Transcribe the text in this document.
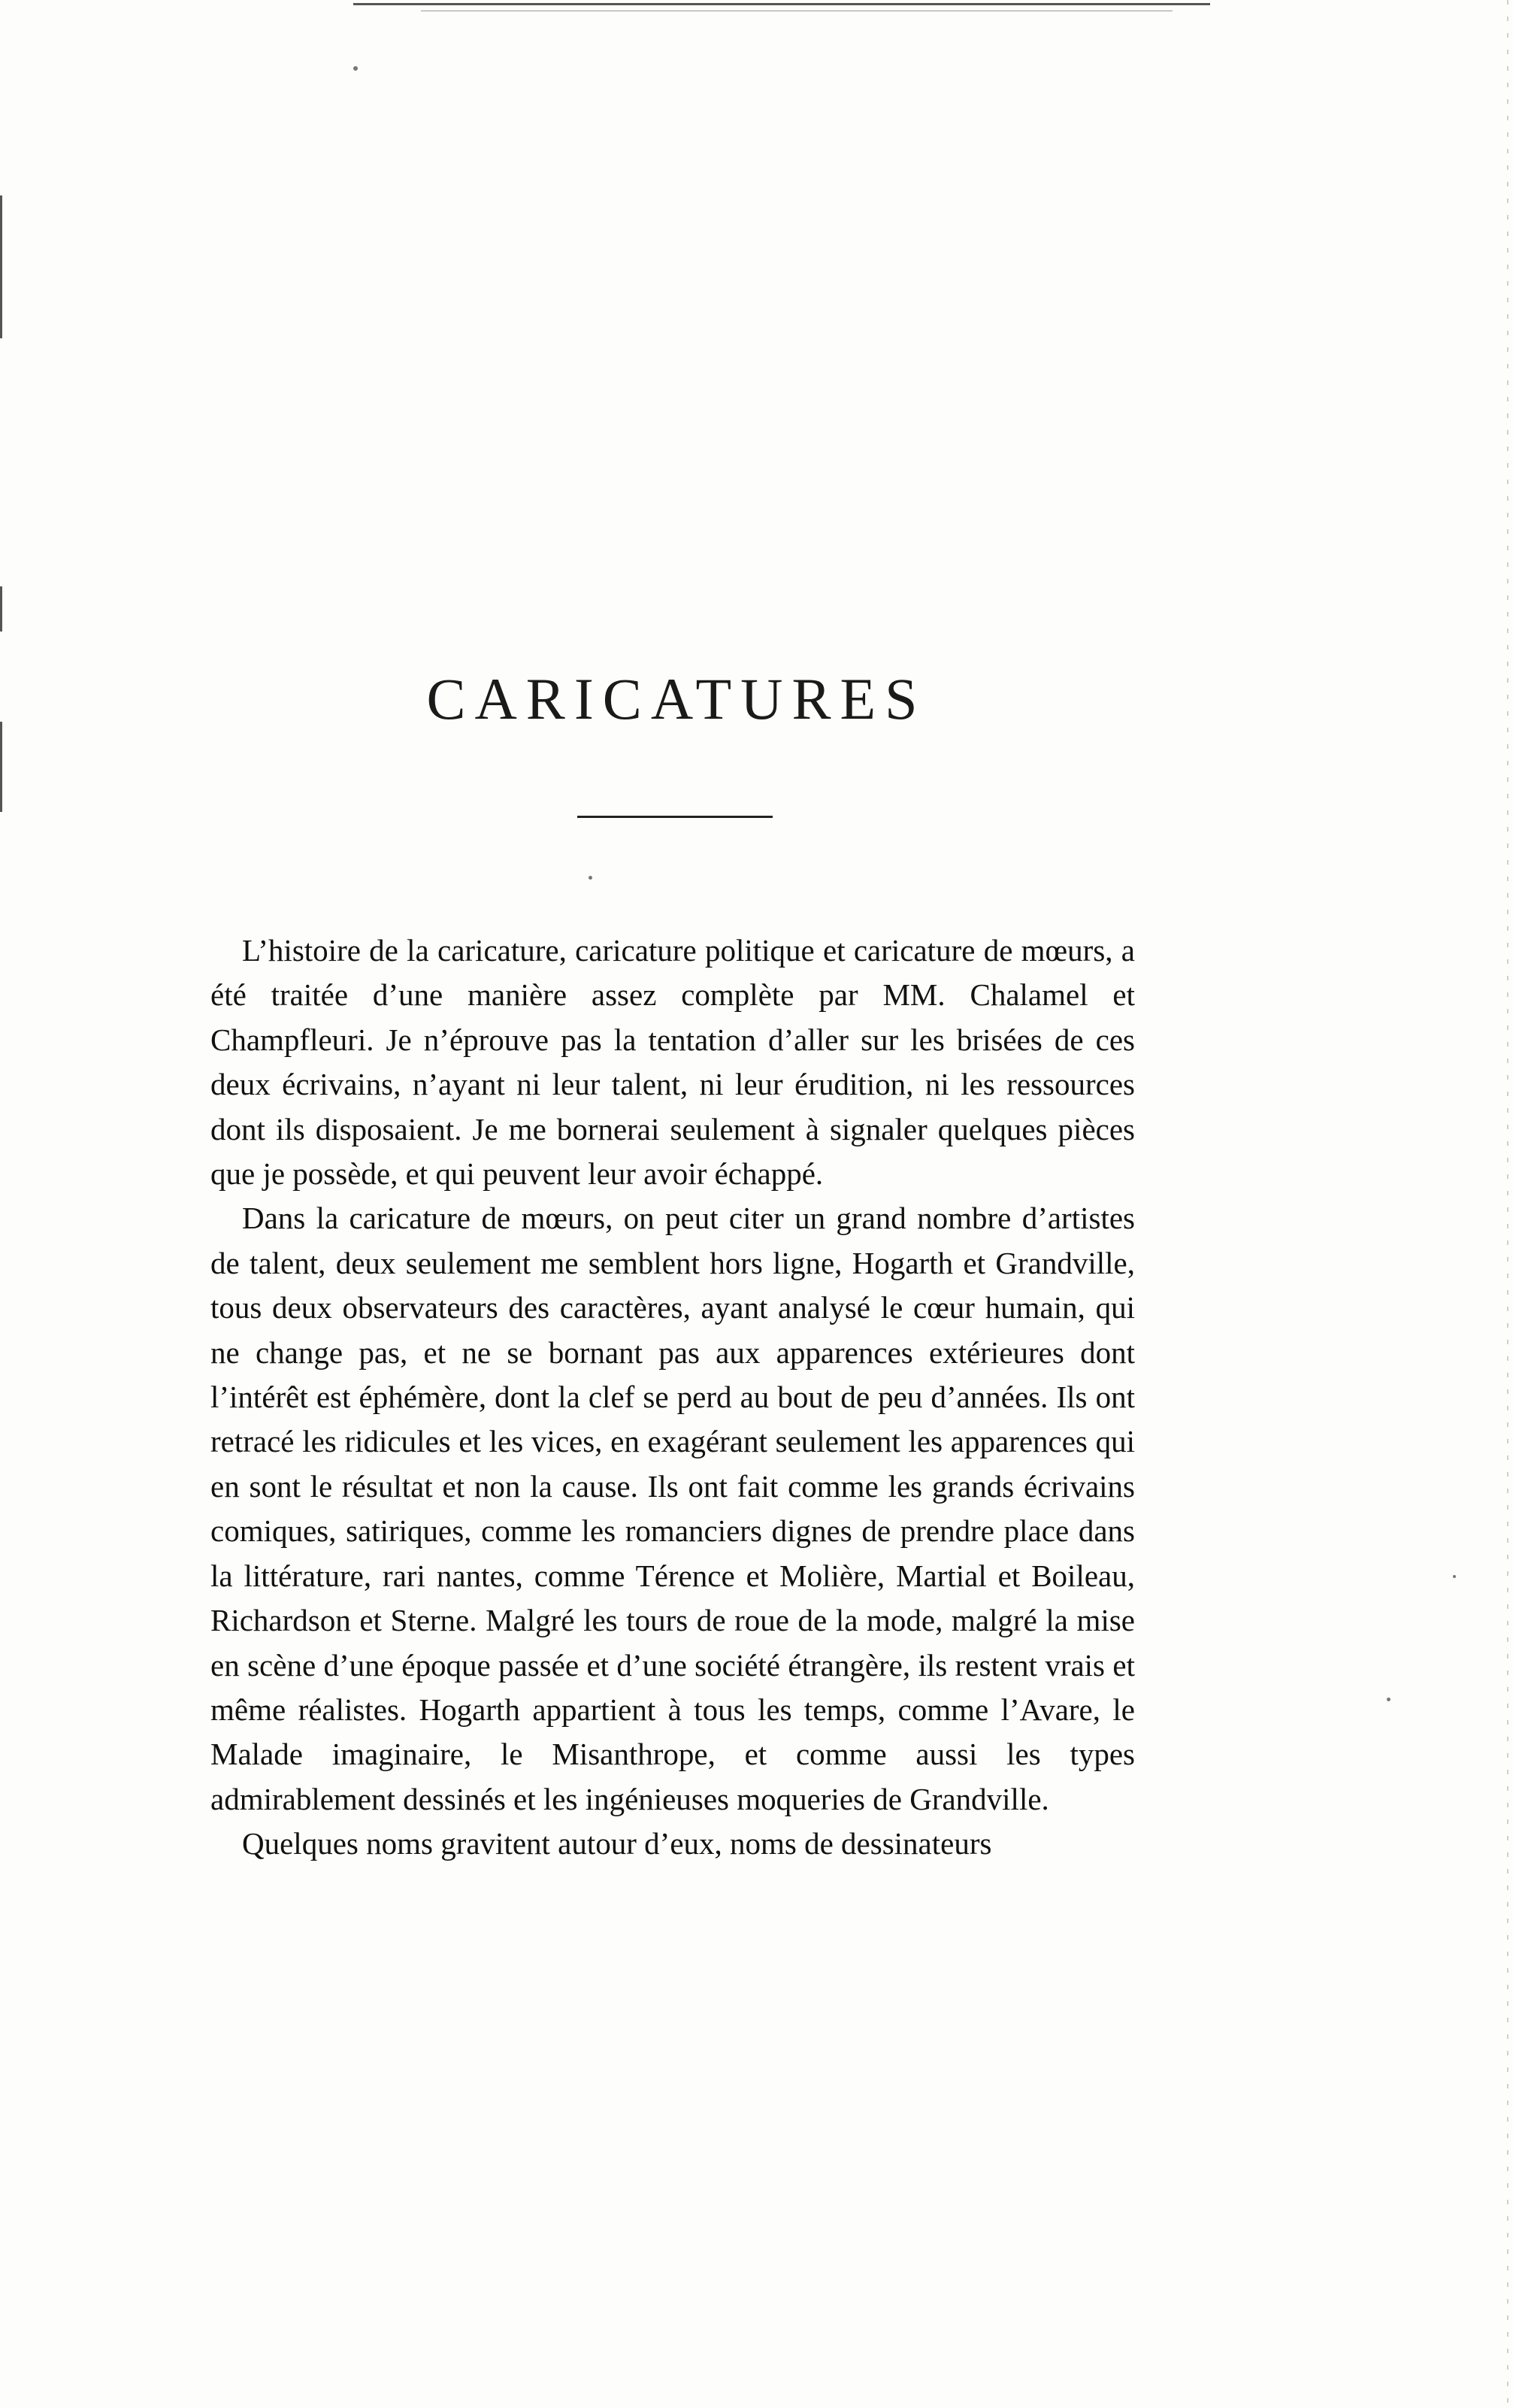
CARICATURES

L’histoire de la caricature, caricature politique et caricature de mœurs, a été traitée d’une manière assez complète par MM. Chalamel et Champfleuri. Je n’éprouve pas la tentation d’aller sur les brisées de ces deux écrivains, n’ayant ni leur talent, ni leur érudition, ni les ressources dont ils disposaient. Je me bornerai seulement à signaler quelques pièces que je possède, et qui peuvent leur avoir échappé.

Dans la caricature de mœurs, on peut citer un grand nombre d’artistes de talent, deux seulement me semblent hors ligne, Hogarth et Grandville, tous deux observateurs des caractères, ayant analysé le cœur humain, qui ne change pas, et ne se bornant pas aux apparences extérieures dont l’intérêt est éphémère, dont la clef se perd au bout de peu d’années. Ils ont retracé les ridicules et les vices, en exagérant seulement les apparences qui en sont le résultat et non la cause. Ils ont fait comme les grands écrivains comiques, satiriques, comme les romanciers dignes de prendre place dans la littérature, rari nantes, comme Térence et Molière, Martial et Boileau, Richardson et Sterne. Malgré les tours de roue de la mode, malgré la mise en scène d’une époque passée et d’une société étrangère, ils restent vrais et même réalistes. Hogarth appartient à tous les temps, comme l’Avare, le Malade imaginaire, le Misanthrope, et comme aussi les types admirablement dessinés et les ingénieuses moqueries de Grandville.

Quelques noms gravitent autour d’eux, noms de dessinateurs
